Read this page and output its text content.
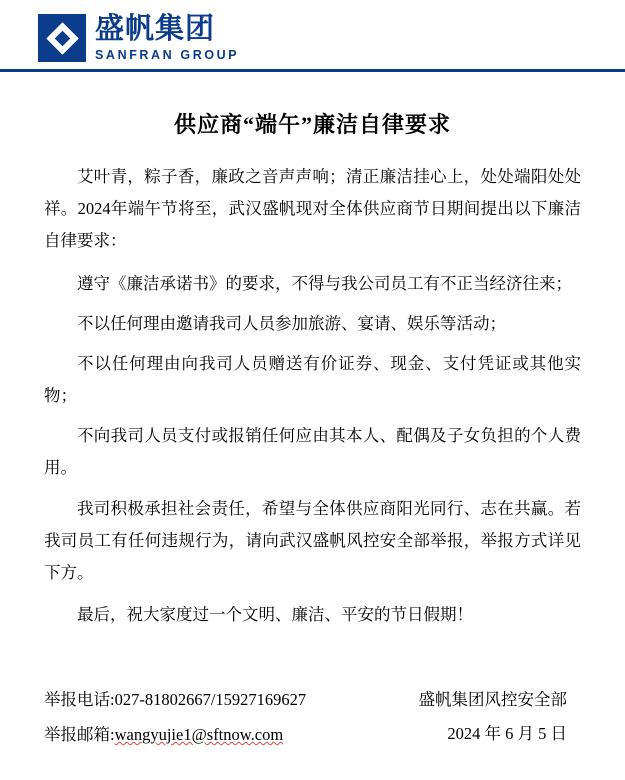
盛帆集团
SANFRAN GROUP
供应商“端午”廉洁自律要求

艾叶青，粽子香，廉政之音声声响；清正廉洁挂心上，处处端阳处处祥。2024年端午节将至，武汉盛帆现对全体供应商节日期间提出以下廉洁自律要求：

遵守《廉洁承诺书》的要求，不得与我公司员工有不正当经济往来；

不以任何理由邀请我司人员参加旅游、宴请、娱乐等活动；

不以任何理由向我司人员赠送有价证券、现金、支付凭证或其他实物；

不向我司人员支付或报销任何应由其本人、配偶及子女负担的个人费用。

我司积极承担社会责任，希望与全体供应商阳光同行、志在共赢。若我司员工有任何违规行为，请向武汉盛帆风控安全部举报，举报方式详见下方。

最后，祝大家度过一个文明、廉洁、平安的节日假期！

举报电话:027-81802667/15927169627

举报邮箱:wangyujie1@sftnow.com

盛帆集团风控安全部

2024 年 6 月 5 日
